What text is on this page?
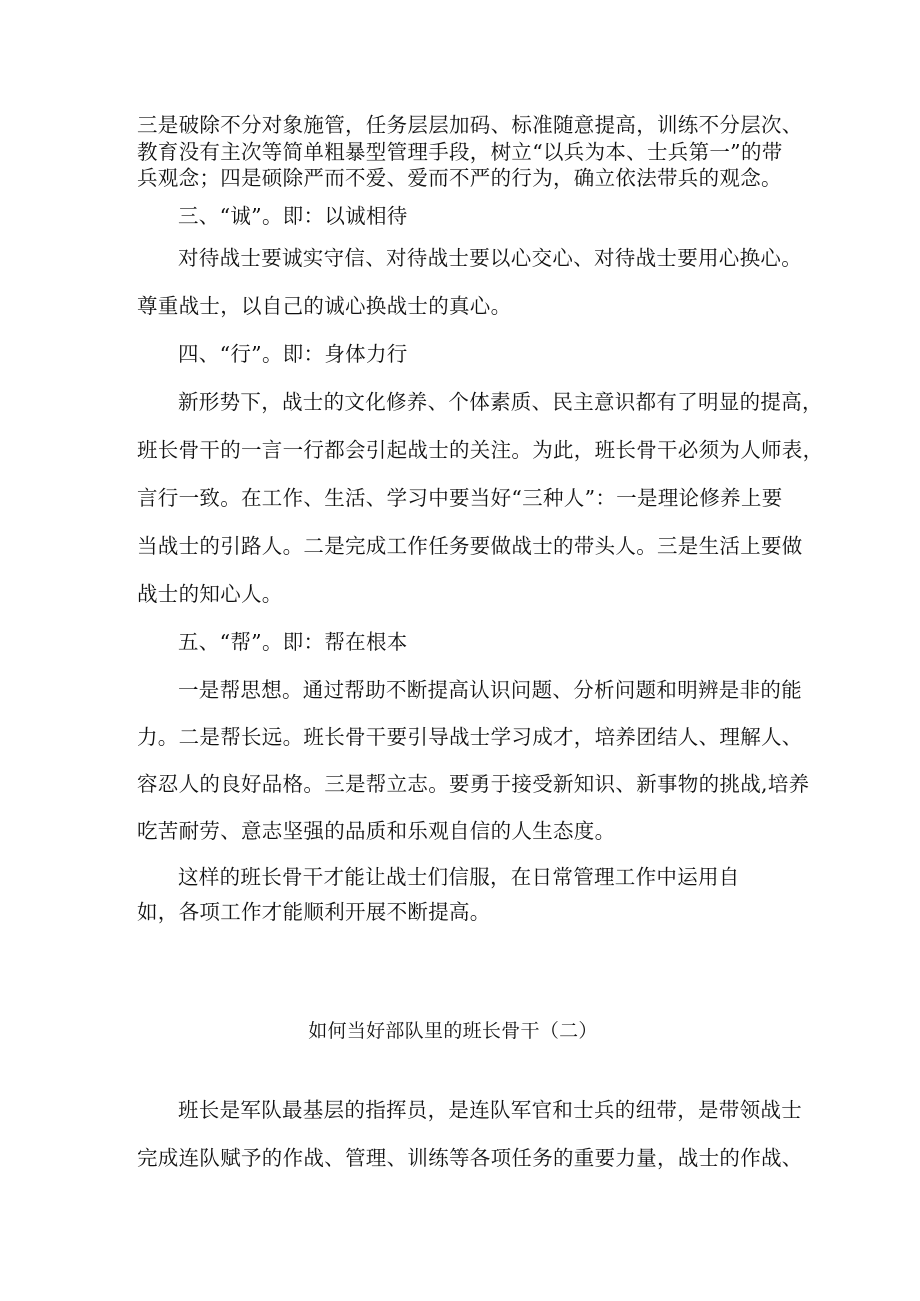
三是破除不分对象施管，任务层层加码、标准随意提高，训练不分层次、
教育没有主次等简单粗暴型管理手段，树立“以兵为本、士兵第一”的带
兵观念；四是硕除严而不爱、爱而不严的行为，确立依法带兵的观念。
三、“诚”。即：以诚相待
对待战士要诚实守信、对待战士要以心交心、对待战士要用心换心。
尊重战士，以自己的诚心换战士的真心。
四、“行”。即：身体力行
新形势下，战士的文化修养、个体素质、民主意识都有了明显的提高，
班长骨干的一言一行都会引起战士的关注。为此，班长骨干必须为人师表，
言行一致。在工作、生活、学习中要当好“三种人”：一是理论修养上要
当战士的引路人。二是完成工作任务要做战士的带头人。三是生活上要做
战士的知心人。
五、“帮”。即：帮在根本
一是帮思想。通过帮助不断提高认识问题、分析问题和明辨是非的能
力。二是帮长远。班长骨干要引导战士学习成才，培养团结人、理解人、
容忍人的良好品格。三是帮立志。要勇于接受新知识、新事物的挑战,培养
吃苦耐劳、意志坚强的品质和乐观自信的人生态度。
这样的班长骨干才能让战士们信服，在日常管理工作中运用自
如，各项工作才能顺利开展不断提高。
如何当好部队里的班长骨干（二）
班长是军队最基层的指挥员，是连队军官和士兵的纽带，是带领战士
完成连队赋予的作战、管理、训练等各项任务的重要力量，战士的作战、
